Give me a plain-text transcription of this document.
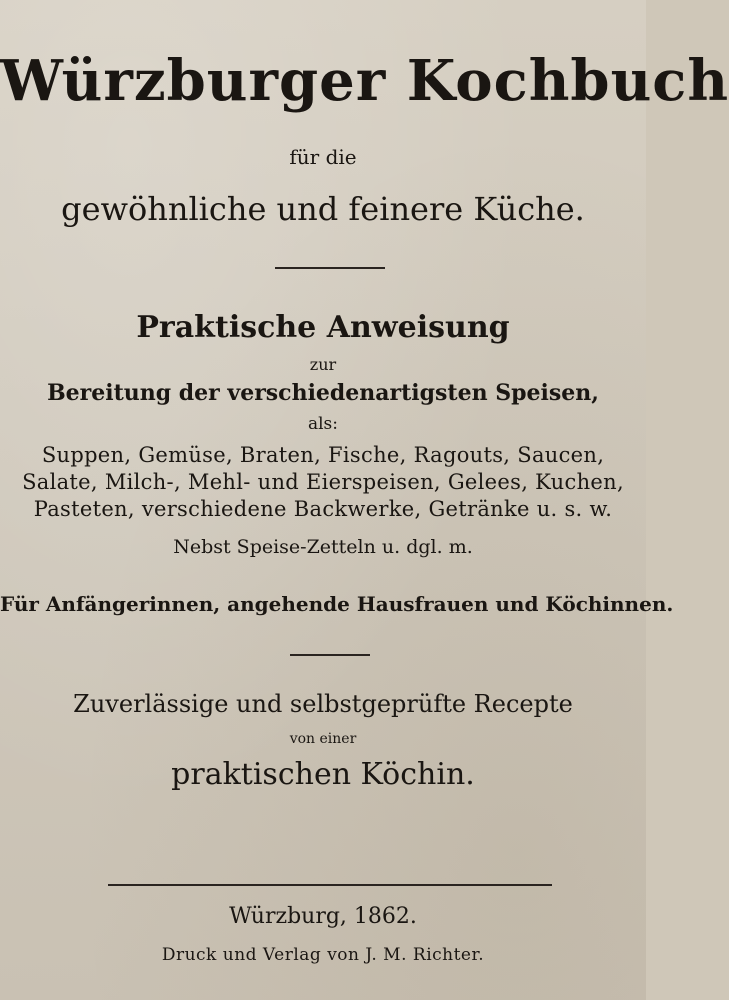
Würzburger Kochbuch
für die
gewöhnliche und feinere Küche.
Praktische Anweisung
zur
Bereitung der verschiedenartigsten Speisen,
als:
Suppen, Gemüse, Braten, Fische, Ragouts, Saucen,
Salate, Milch-, Mehl- und Eierspeisen, Gelees, Kuchen,
Pasteten, verschiedene Backwerke, Getränke u. s. w.
Nebst Speise-Zetteln u. dgl. m.
Für Anfängerinnen, angehende Hausfrauen und Köchinnen.
Zuverlässige und selbstgeprüfte Recepte
von einer
praktischen Köchin.
Würzburg, 1862.
Druck und Verlag von J. M. Richter.
